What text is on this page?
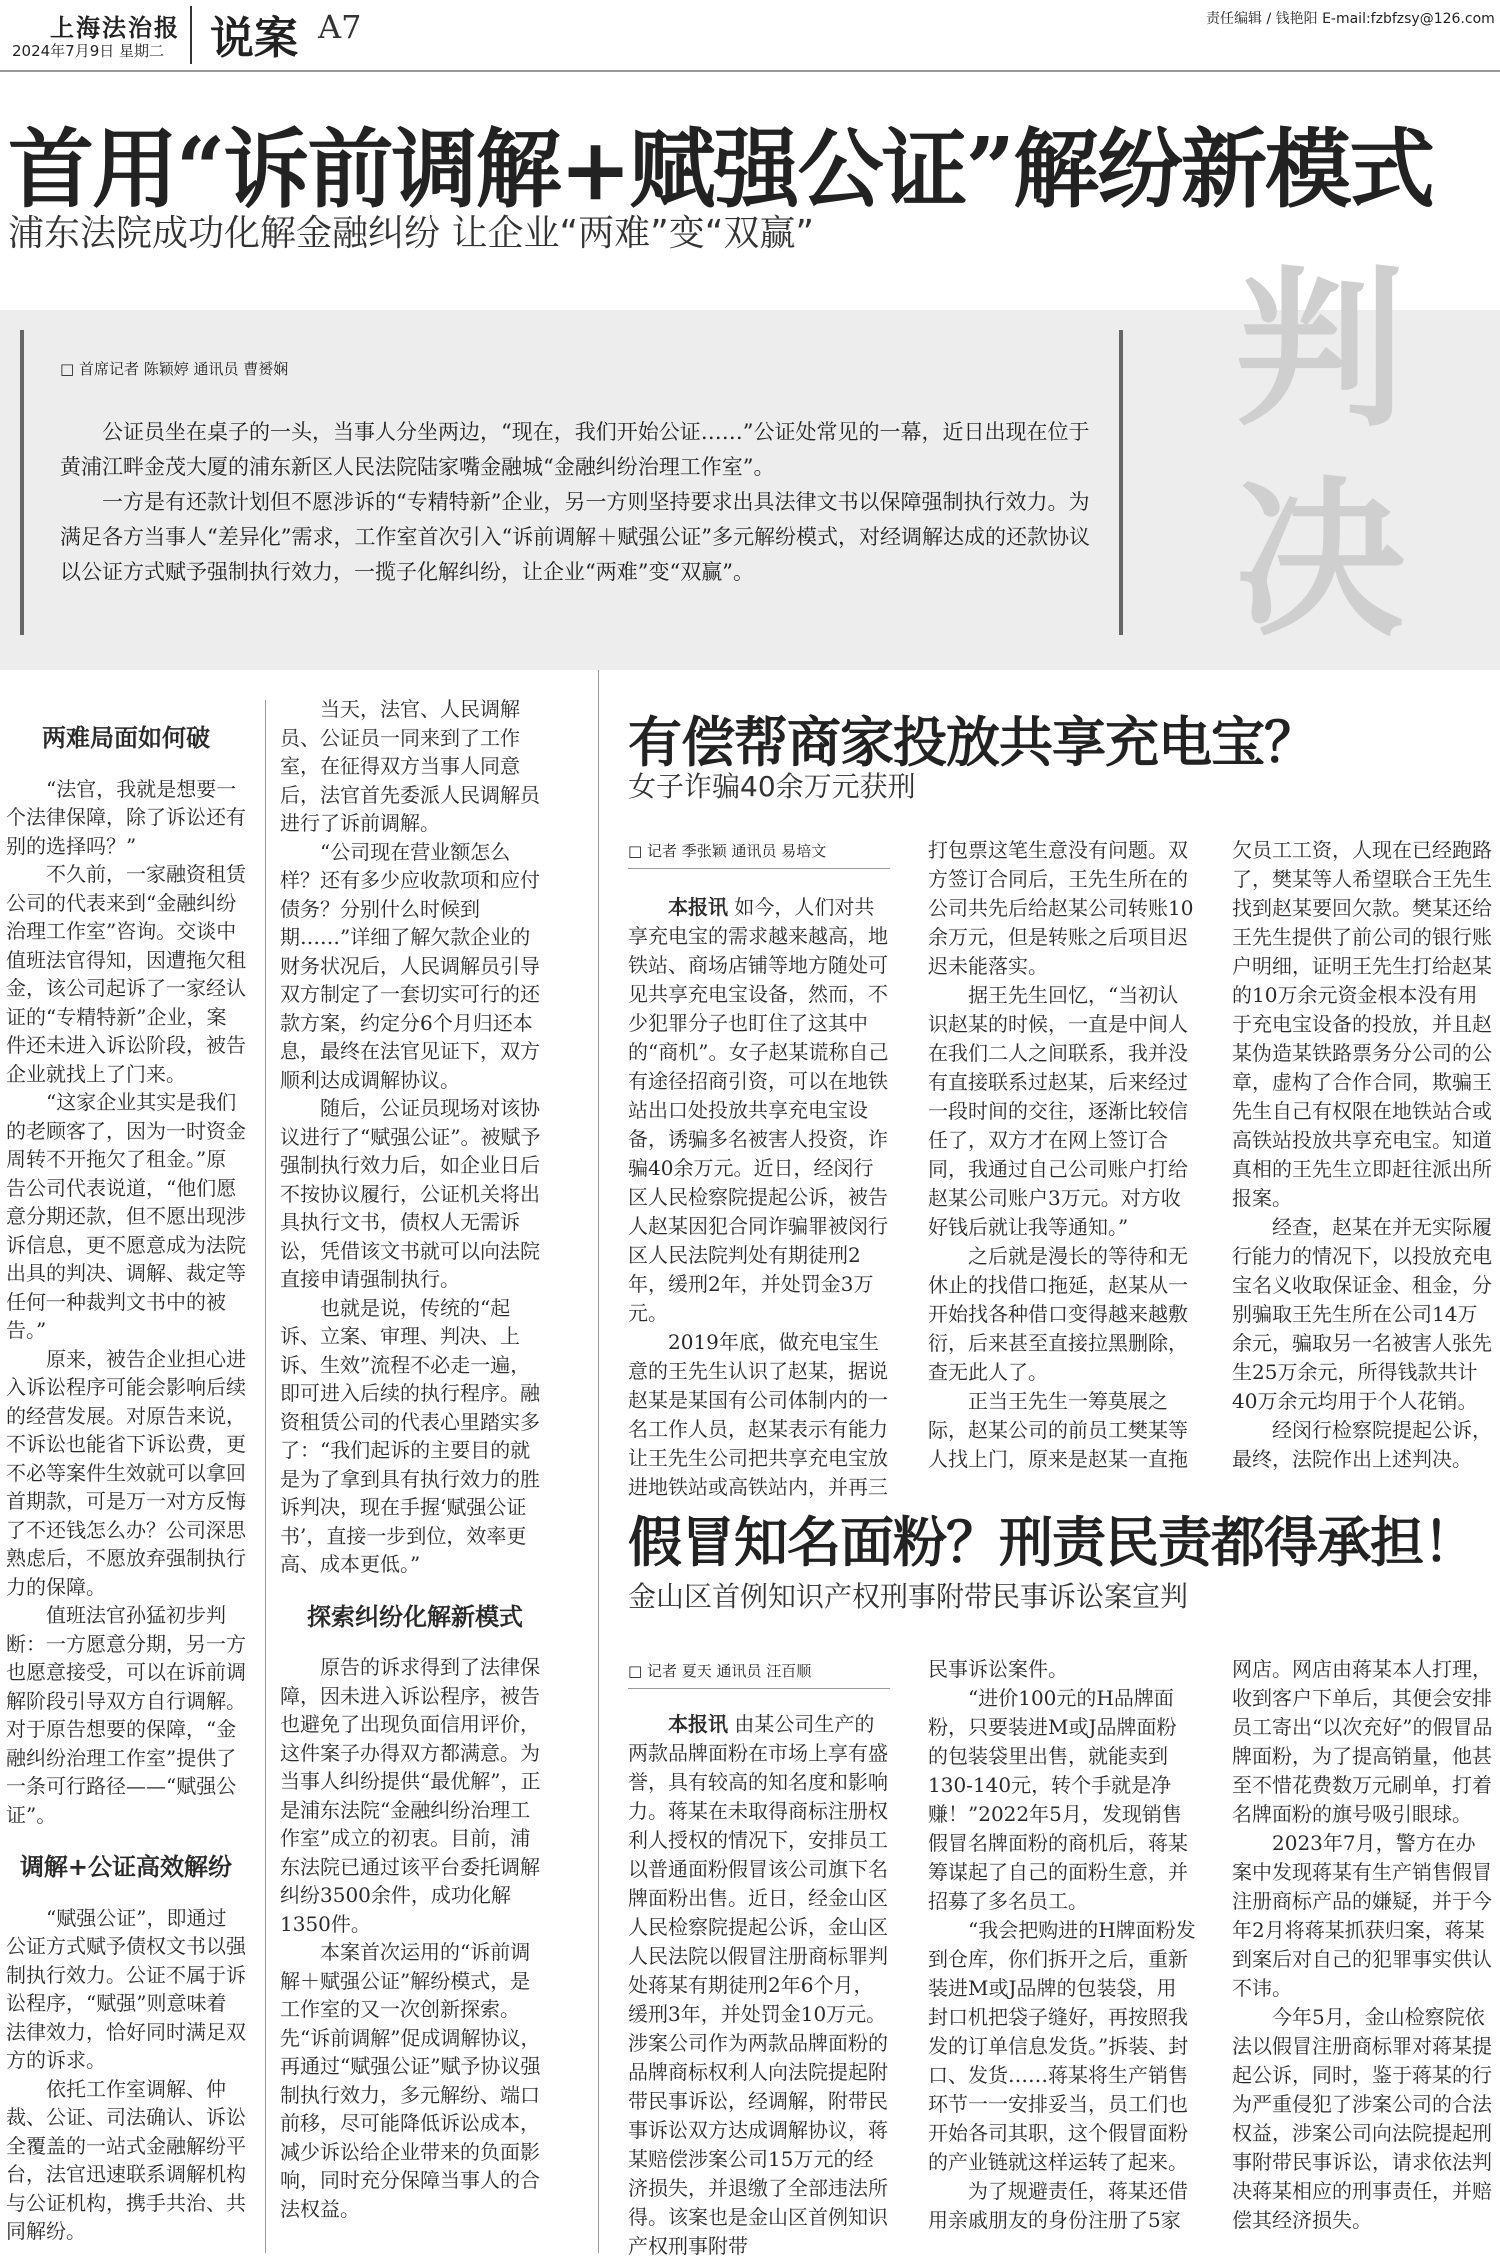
上海法治报
2024年7月9日 星期二 说案 A7	责任编辑 / 钱艳阳 E-mail:fzbfzsy@126.com
首用“诉前调解+赋强公证”解纷新模式
浦东法院成功化解金融纠纷 让企业“两难”变“双赢”
□ 首席记者 陈颖婷 通讯员 曹赟娴

公证员坐在桌子的一头，当事人分坐两边，“现在，我们开始公证……”公证处常见的一幕，近日出现在位于黄浦江畔金茂大厦的浦东新区人民法院陆家嘴金融城“金融纠纷治理工作室”。

一方是有还款计划但不愿涉诉的“专精特新”企业，另一方则坚持要求出具法律文书以保障强制执行效力。为满足各方当事人“差异化”需求，工作室首次引入“诉前调解＋赋强公证”多元解纷模式，对经调解达成的还款协议以公证方式赋予强制执行效力，一揽子化解纠纷，让企业“两难”变“双赢”。

判
决

两难局面如何破

“法官，我就是想要一个法律保障，除了诉讼还有别的选择吗？”

不久前，一家融资租赁公司的代表来到“金融纠纷治理工作室”咨询。交谈中值班法官得知，因遭拖欠租金，该公司起诉了一家经认证的“专精特新”企业，案件还未进入诉讼阶段，被告企业就找上了门来。

“这家企业其实是我们的老顾客了，因为一时资金周转不开拖欠了租金。”原告公司代表说道，“他们愿意分期还款，但不愿出现涉诉信息，更不愿意成为法院出具的判决、调解、裁定等任何一种裁判文书中的被告。”

原来，被告企业担心进入诉讼程序可能会影响后续的经营发展。对原告来说，不诉讼也能省下诉讼费，更不必等案件生效就可以拿回首期款，可是万一对方反悔了不还钱怎么办？公司深思熟虑后，不愿放弃强制执行力的保障。

值班法官孙猛初步判断：一方愿意分期，另一方也愿意接受，可以在诉前调解阶段引导双方自行调解。对于原告想要的保障，“金融纠纷治理工作室”提供了一条可行路径——“赋强公证”。

调解+公证高效解纷

“赋强公证”，即通过公证方式赋予债权文书以强制执行效力。公证不属于诉讼程序，“赋强”则意味着法律效力，恰好同时满足双方的诉求。

依托工作室调解、仲裁、公证、司法确认、诉讼全覆盖的一站式金融解纷平台，法官迅速联系调解机构与公证机构，携手共治、共同解纷。

当天，法官、人民调解员、公证员一同来到了工作室，在征得双方当事人同意后，法官首先委派人民调解员进行了诉前调解。

“公司现在营业额怎么样？还有多少应收款项和应付债务？分别什么时候到期……”详细了解欠款企业的财务状况后，人民调解员引导双方制定了一套切实可行的还款方案，约定分6个月归还本息，最终在法官见证下，双方顺利达成调解协议。

随后，公证员现场对该协议进行了“赋强公证”。被赋予强制执行效力后，如企业日后不按协议履行，公证机关将出具执行文书，债权人无需诉讼，凭借该文书就可以向法院直接申请强制执行。

也就是说，传统的“起诉、立案、审理、判决、上诉、生效”流程不必走一遍，即可进入后续的执行程序。融资租赁公司的代表心里踏实多了：“我们起诉的主要目的就是为了拿到具有执行效力的胜诉判决，现在手握‘赋强公证书’，直接一步到位，效率更高、成本更低。”

探索纠纷化解新模式

原告的诉求得到了法律保障，因未进入诉讼程序，被告也避免了出现负面信用评价，这件案子办得双方都满意。为当事人纠纷提供“最优解”，正是浦东法院“金融纠纷治理工作室”成立的初衷。目前，浦东法院已通过该平台委托调解纠纷3500余件，成功化解1350件。

本案首次运用的“诉前调解＋赋强公证”解纷模式，是工作室的又一次创新探索。先“诉前调解”促成调解协议，再通过“赋强公证”赋予协议强制执行效力，多元解纷、端口前移，尽可能降低诉讼成本，减少诉讼给企业带来的负面影响，同时充分保障当事人的合法权益。

有偿帮商家投放共享充电宝？
女子诈骗40余万元获刑
□ 记者 季张颖 通讯员 易培文

本报讯 如今，人们对共享充电宝的需求越来越高，地铁站、商场店铺等地方随处可见共享充电宝设备，然而，不少犯罪分子也盯住了这其中的“商机”。女子赵某谎称自己有途径招商引资，可以在地铁站出口处投放共享充电宝设备，诱骗多名被害人投资，诈骗40余万元。近日，经闵行区人民检察院提起公诉，被告人赵某因犯合同诈骗罪被闵行区人民法院判处有期徒刑2年，缓刑2年，并处罚金3万元。

2019年底，做充电宝生意的王先生认识了赵某，据说赵某是某国有公司体制内的一名工作人员，赵某表示有能力让王先生公司把共享充电宝放进地铁站或高铁站内，并再三

打包票这笔生意没有问题。双方签订合同后，王先生所在的公司共先后给赵某公司转账10余万元，但是转账之后项目迟迟未能落实。

据王先生回忆，“当初认识赵某的时候，一直是中间人在我们二人之间联系，我并没有直接联系过赵某，后来经过一段时间的交往，逐渐比较信任了，双方才在网上签订合同，我通过自己公司账户打给赵某公司账户3万元。对方收好钱后就让我等通知。”

之后就是漫长的等待和无休止的找借口拖延，赵某从一开始找各种借口变得越来越敷衍，后来甚至直接拉黑删除，查无此人了。

正当王先生一筹莫展之际，赵某公司的前员工樊某等人找上门，原来是赵某一直拖

欠员工工资，人现在已经跑路了，樊某等人希望联合王先生找到赵某要回欠款。樊某还给王先生提供了前公司的银行账户明细，证明王先生打给赵某的10万余元资金根本没有用于充电宝设备的投放，并且赵某伪造某铁路票务分公司的公章，虚构了合作合同，欺骗王先生自己有权限在地铁站合或高铁站投放共享充电宝。知道真相的王先生立即赶往派出所报案。

经查，赵某在并无实际履行能力的情况下，以投放充电宝名义收取保证金、租金，分别骗取王先生所在公司14万余元，骗取另一名被害人张先生25万余元，所得钱款共计40万余元均用于个人花销。

经闵行检察院提起公诉，最终，法院作出上述判决。

假冒知名面粉？刑责民责都得承担！
金山区首例知识产权刑事附带民事诉讼案宣判
□ 记者 夏天 通讯员 汪百顺

本报讯 由某公司生产的两款品牌面粉在市场上享有盛誉，具有较高的知名度和影响力。蒋某在未取得商标注册权利人授权的情况下，安排员工以普通面粉假冒该公司旗下名牌面粉出售。近日，经金山区人民检察院提起公诉，金山区人民法院以假冒注册商标罪判处蒋某有期徒刑2年6个月，缓刑3年，并处罚金10万元。涉案公司作为两款品牌面粉的品牌商标权利人向法院提起附带民事诉讼，经调解，附带民事诉讼双方达成调解协议，蒋某赔偿涉案公司15万元的经济损失，并退缴了全部违法所得。该案也是金山区首例知识产权刑事附带

民事诉讼案件。

“进价100元的H品牌面粉，只要装进M或J品牌面粉的包装袋里出售，就能卖到130-140元，转个手就是净赚！”2022年5月，发现销售假冒名牌面粉的商机后，蒋某筹谋起了自己的面粉生意，并招募了多名员工。

“我会把购进的H牌面粉发到仓库，你们拆开之后，重新装进M或J品牌的包装袋，用封口机把袋子缝好，再按照我发的订单信息发货。”拆装、封口、发货……蒋某将生产销售环节一一安排妥当，员工们也开始各司其职，这个假冒面粉的产业链就这样运转了起来。

为了规避责任，蒋某还借用亲戚朋友的身份注册了5家

网店。网店由蒋某本人打理，收到客户下单后，其便会安排员工寄出“以次充好”的假冒品牌面粉，为了提高销量，他甚至不惜花费数万元刷单，打着名牌面粉的旗号吸引眼球。

2023年7月，警方在办案中发现蒋某有生产销售假冒注册商标产品的嫌疑，并于今年2月将蒋某抓获归案，蒋某到案后对自己的犯罪事实供认不讳。

今年5月，金山检察院依法以假冒注册商标罪对蒋某提起公诉，同时，鉴于蒋某的行为严重侵犯了涉案公司的合法权益，涉案公司向法院提起刑事附带民事诉讼，请求依法判决蒋某相应的刑事责任，并赔偿其经济损失。
